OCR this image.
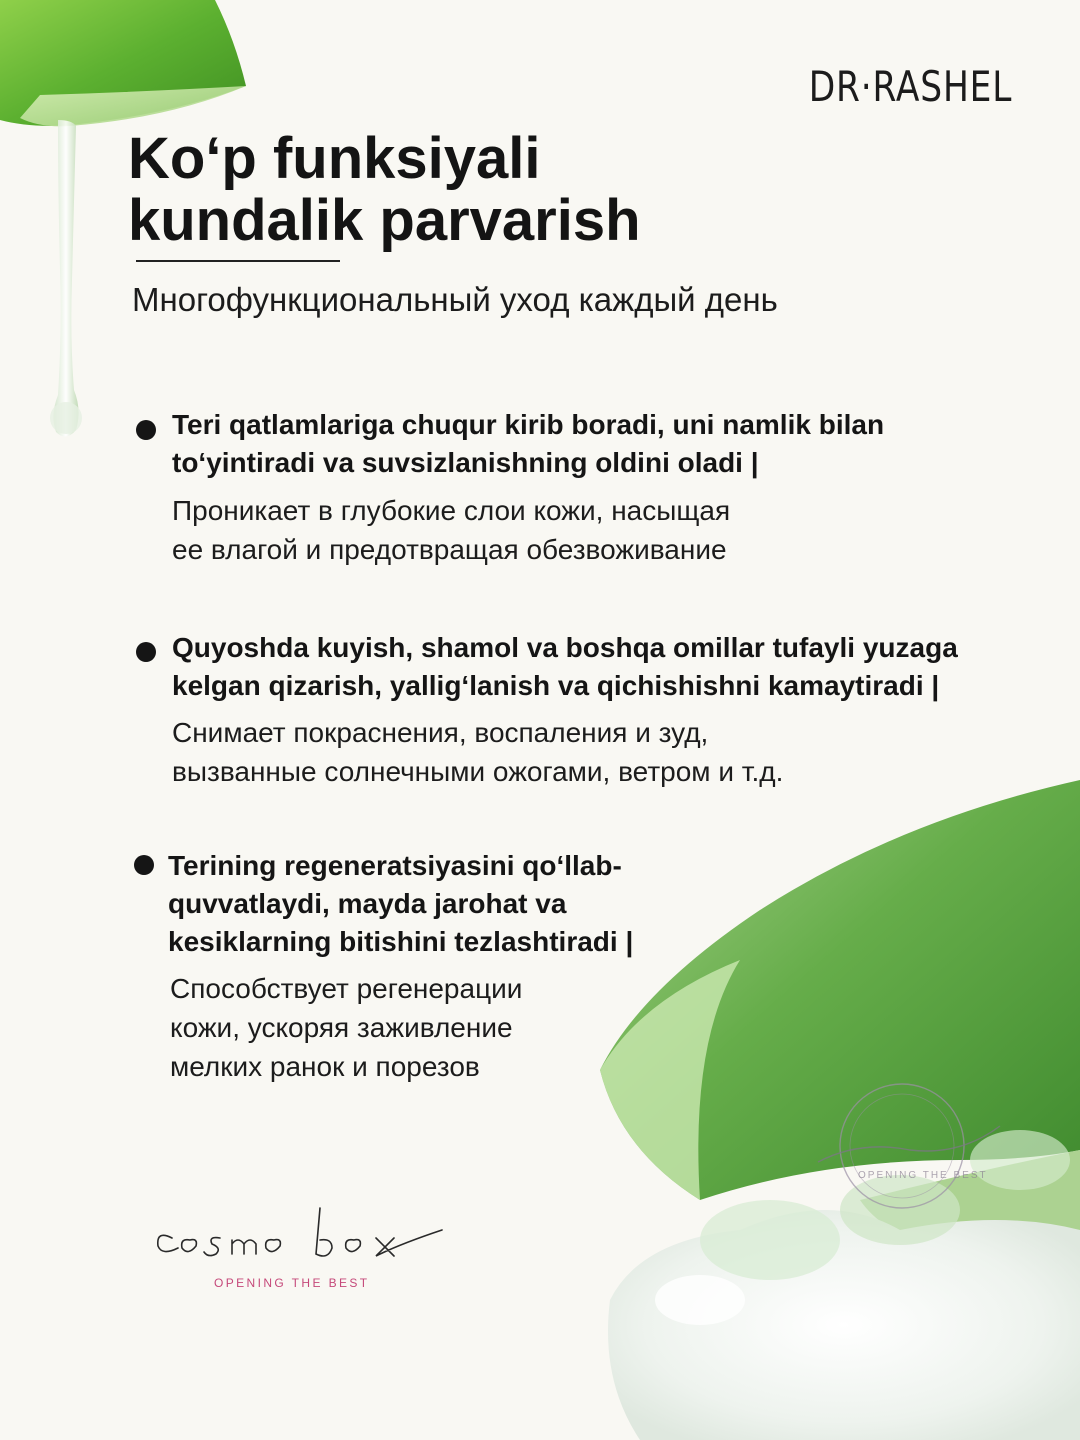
DR·RASHEL
Ko‘p funksiyali
kundalik parvarish
Многофункциональный уход каждый день

Teri qatlamlariga chuqur kirib boradi, uni namlik bilan
to‘yintiradi va suvsizlanishning oldini oladi |

Проникает в глубокие слои кожи, насыщая
ее влагой и предотвращая обезвоживание

Quyoshda kuyish, shamol va boshqa omillar tufayli yuzaga
kelgan qizarish, yallig‘lanish va qichishishni kamaytiradi |

Снимает покраснения, воспаления и зуд,
вызванные солнечными ожогами, ветром и т.д.

Terining regeneratsiyasini qo‘llab-
quvvatlaydi, mayda jarohat va
kesiklarning bitishini tezlashtiradi |

Способствует регенерации
кожи, ускоряя заживление
мелких ранок и порезов

OPENING THE BEST
OPENING THE BEST
